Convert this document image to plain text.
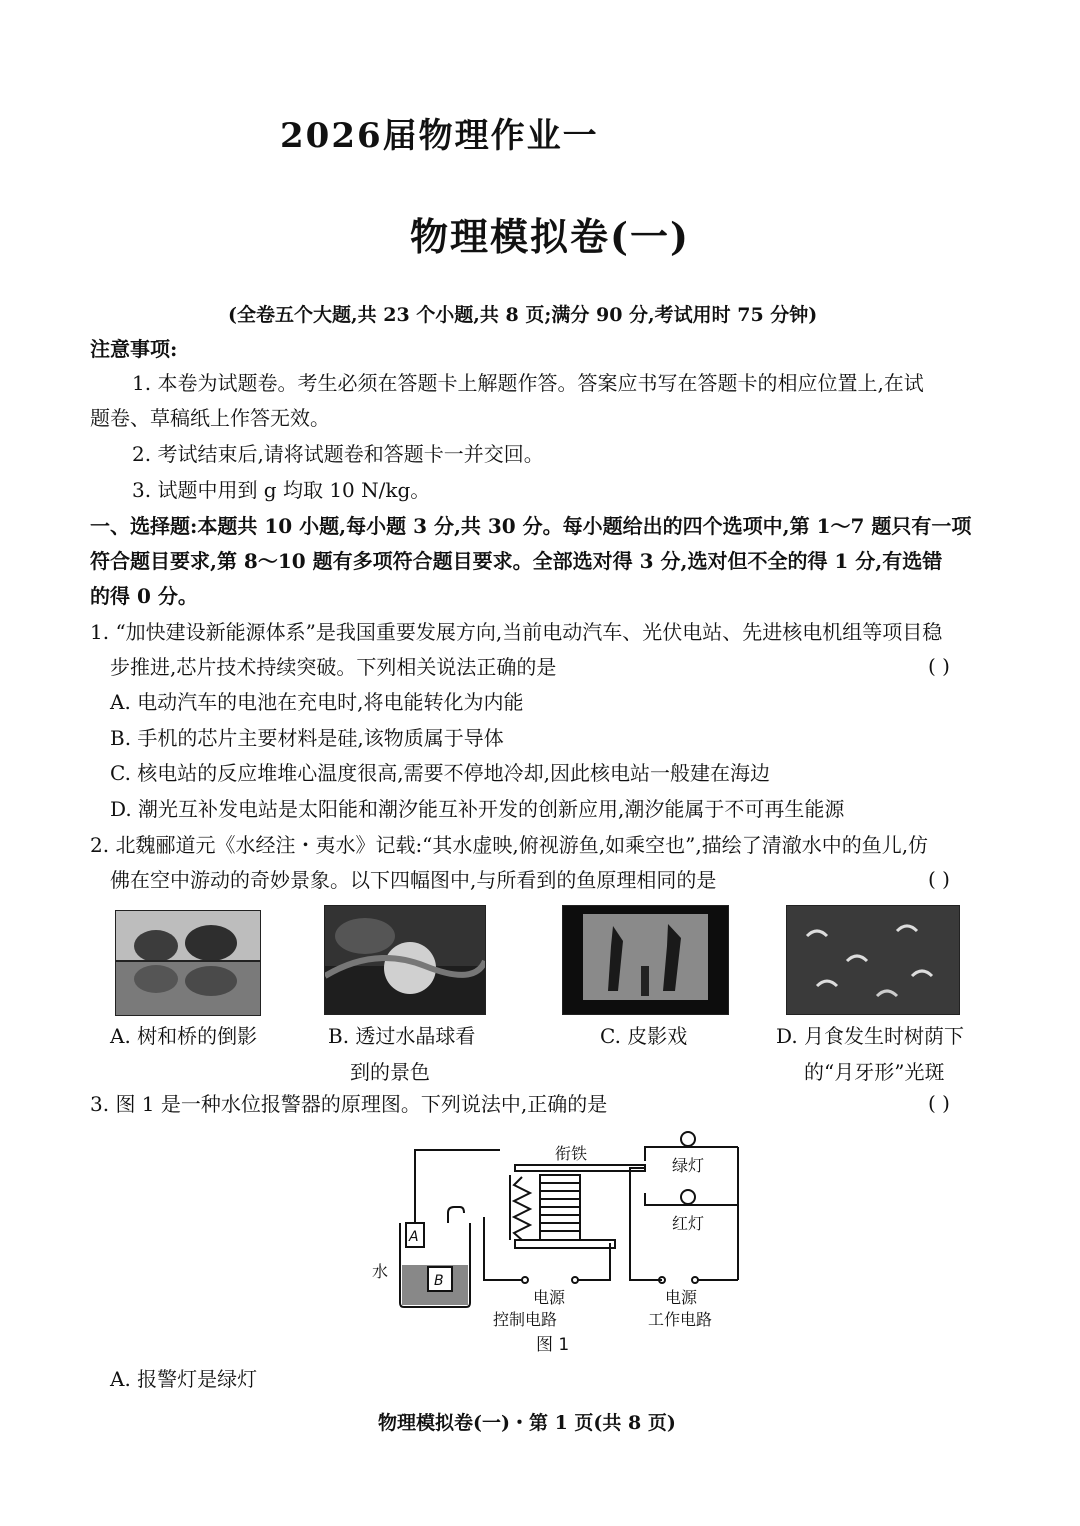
2026届物理作业一
物理模拟卷(一)
(全卷五个大题,共 23 个小题,共 8 页;满分 90 分,考试用时 75 分钟)
注意事项:
1. 本卷为试题卷。考生必须在答题卡上解题作答。答案应书写在答题卡的相应位置上,在试
题卷、草稿纸上作答无效。
2. 考试结束后,请将试题卷和答题卡一并交回。
3. 试题中用到 g 均取 10 N/kg。
一、选择题:本题共 10 小题,每小题 3 分,共 30 分。每小题给出的四个选项中,第 1～7 题只有一项
符合题目要求,第 8～10 题有多项符合题目要求。全部选对得 3 分,选对但不全的得 1 分,有选错
的得 0 分。
1. “加快建设新能源体系”是我国重要发展方向,当前电动汽车、光伏电站、先进核电机组等项目稳
步推进,芯片技术持续突破。下列相关说法正确的是	( )
A. 电动汽车的电池在充电时,将电能转化为内能
B. 手机的芯片主要材料是硅,该物质属于导体
C. 核电站的反应堆堆心温度很高,需要不停地冷却,因此核电站一般建在海边
D. 潮光互补发电站是太阳能和潮汐能互补开发的创新应用,潮汐能属于不可再生能源
2. 北魏郦道元《水经注・夷水》记载:“其水虚映,俯视游鱼,如乘空也”,描绘了清澈水中的鱼儿,仿
佛在空中游动的奇妙景象。以下四幅图中,与所看到的鱼原理相同的是	( )
A. 树和桥的倒影	B. 透过水晶球看
到的景色
C. 皮影戏	D. 月食发生时树荫下
的“月牙形”光斑
3. 图 1 是一种水位报警器的原理图。下列说法中,正确的是	( )
衔铁
绿灯
红灯
水
A
B
电源
控制电路
电源
工作电路
图 1
A. 报警灯是绿灯
物理模拟卷(一)・第 1 页(共 8 页)
